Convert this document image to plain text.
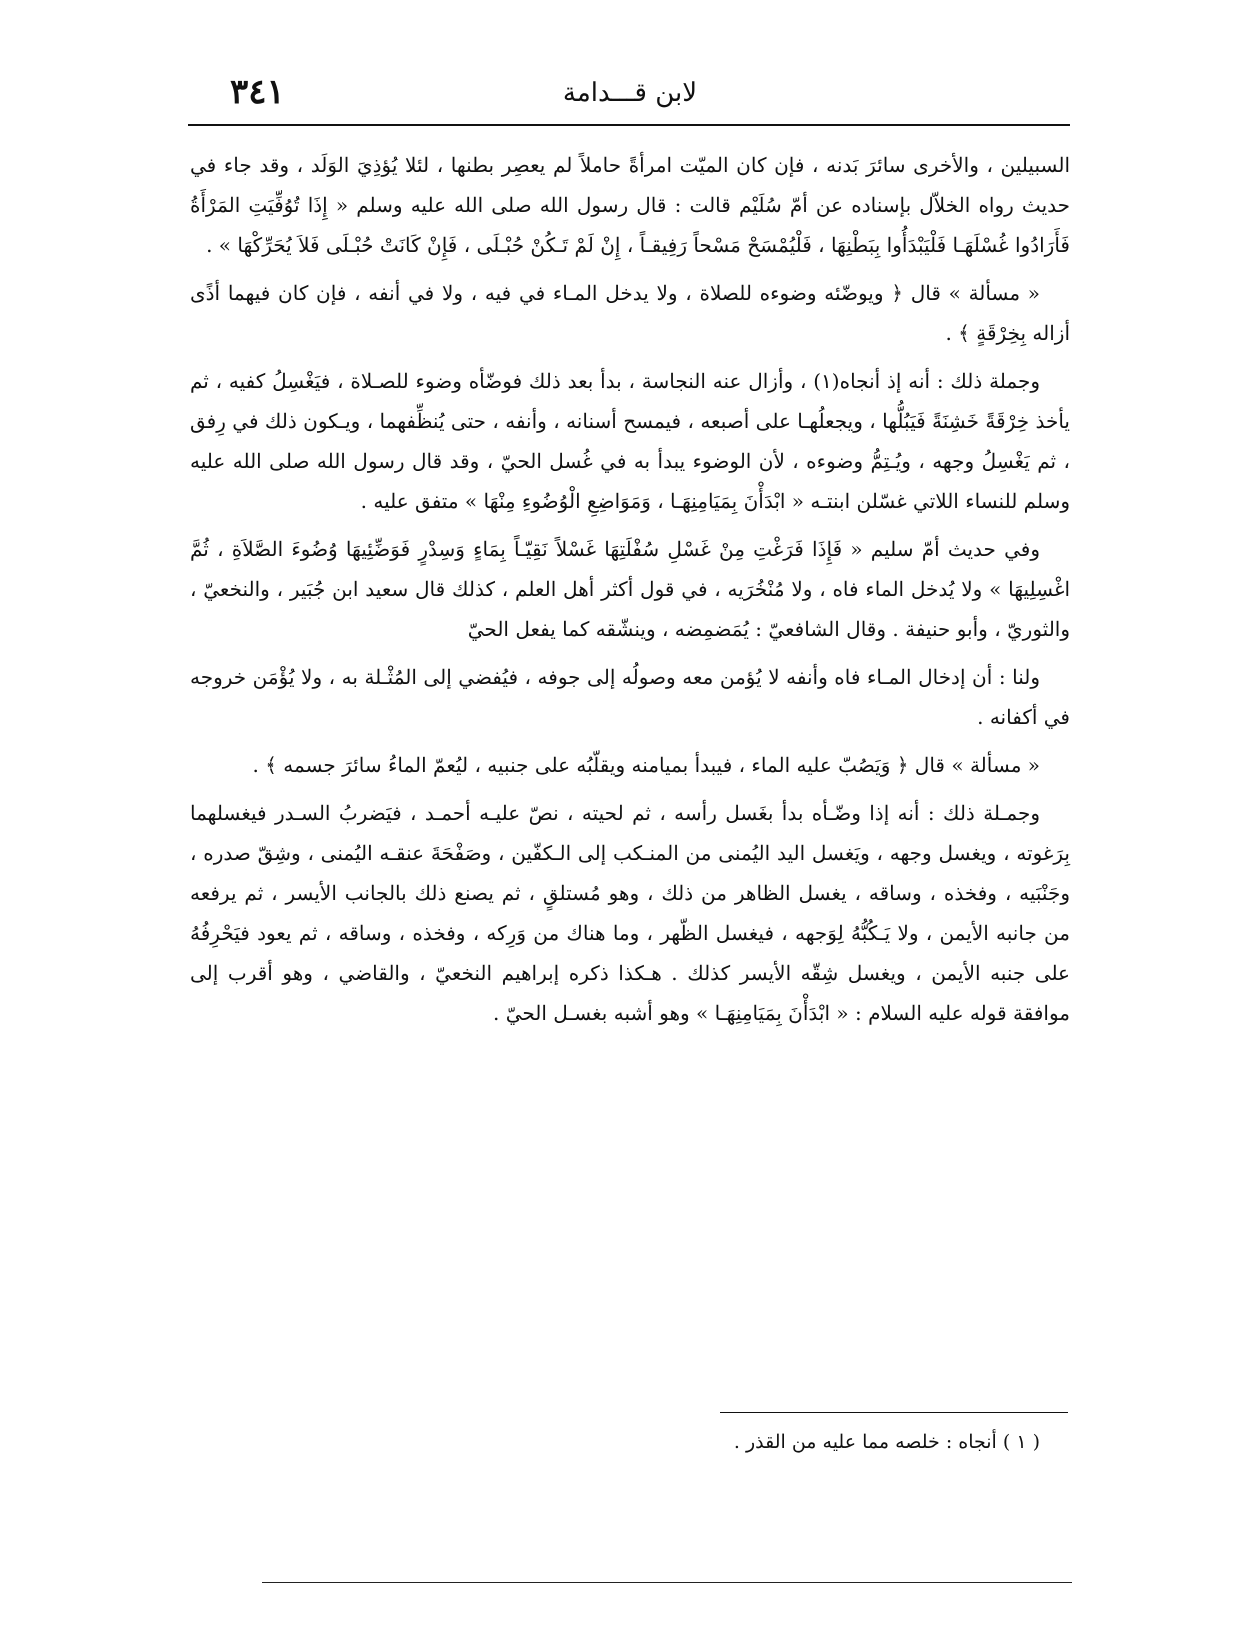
٣٤١	لابن قـــدامة

السبيلين ، والأخرى سائرَ بَدنه ، فإن كان الميّت امرأةً حاملاً لم يعصِر بطنها ، لئلا يُؤذِيَ الوَلَد ، وقد جاء في حديث رواه الخلاّل بإسناده عن أمّ سُلَيْم قالت : قال رسول الله صلى الله عليه وسلم « إِذَا تُوُفِّيَتِ المَرْأَةُ فَأَرَادُوا غُسْلَهَـا فَلْيَبْدَأُوا بِبَطْنِهَا ، فَلْيُمْسَحْ مَسْحاً رَفِيقـاً ، إِنْ لَمْ تَـكُنْ حُبْـلَى ، فَإِنْ كَانَتْ حُبْـلَى فَلاَ يُحَرِّكْهَا » .

« مسألة » قال ﴿ ويوضّئه وضوءه للصلاة ، ولا يدخل المـاء في فيه ، ولا في أنفه ، فإن كان فيهما أذًى أزاله بِخِرْقَةٍ ﴾ .

وجملة ذلك : أنه إذ أنجاه(١) ، وأزال عنه النجاسة ، بدأ بعد ذلك فوضّأه وضوء للصـلاة ، فيَغْسِلُ كفيه ، ثم يأخذ خِرْقَةً خَشِنَةً فَيَبُلُّها ، ويجعلُهـا على أصبعه ، فيمسح أسنانه ، وأنفه ، حتى يُنظِّفهما ، ويـكون ذلك في رِفق ، ثم يَغْسِلُ وجهه ، ويُـتِمُّ وضوءه ، لأن الوضوء يبدأ به في غُسل الحيّ ، وقد قال رسول الله صلى الله عليه وسلم للنساء اللاتي غسّلن ابنتـه « ابْدَأْنَ بِمَيَامِنِهَـا ، وَمَوَاضِعِ الْوُضُوءِ مِنْهَا » متفق عليه .

وفي حديث أمّ سليم « فَإِذَا فَرَغْتِ مِنْ غَسْلِ سُفْلَتِهَا غَسْلاً نَقِيّـاً بِمَاءٍ وَسِدْرٍ فَوَضِّئِيهَا وُضُوءَ الصَّلاَةِ ، ثُمَّ اغْسِلِيهَا » ولا يُدخل الماء فاه ، ولا مُنْخُرَيه ، في قول أكثر أهل العلم ، كذلك قال سعيد ابن جُبَير ، والنخعيّ ، والثوريّ ، وأبو حنيفة . وقال الشافعيّ : يُمَضمِضه ، وينشّقه كما يفعل الحيّ

ولنا : أن إدخال المـاء فاه وأنفه لا يُؤمن معه وصولُه إلى جوفه ، فيُفضي إلى المُثْـلة به ، ولا يُؤْمَن خروجه في أكفانه .

« مسألة » قال ﴿ وَيَصُبّ عليه الماء ، فيبدأ بميامنه ويقلّبُه على جنبيه ، ليُعمّ الماءُ سائرَ جسمه ﴾ .

وجمـلة ذلك : أنه إذا وضّـأه بدأ بغَسل رأسه ، ثم لحيته ، نصّ عليـه أحمـد ، فيَضربُ السـدر فيغسلهما بِرَغوته ، ويغسل وجهه ، ويَغسل اليد اليُمنى من المنـكب إلى الـكفّين ، وصَفْحَةَ عنقـه اليُمنى ، وشِقّ صدره ، وجَنْبَيه ، وفخذه ، وساقه ، يغسل الظاهر من ذلك ، وهو مُستلقٍ ، ثم يصنع ذلك بالجانب الأيسر ، ثم يرفعه من جانبه الأيمن ، ولا يَـكُبُّهُ لِوَجهه ، فيغسل الظّهر ، وما هناك من وَرِكه ، وفخذه ، وساقه ، ثم يعود فيَحْرِفُهُ على جنبه الأيمن ، ويغسل شِقّه الأيسر كذلك . هـكذا ذكره إبراهيم النخعيّ ، والقاضي ، وهو أقرب إلى موافقة قوله عليه السلام : « ابْدَأْنَ بِمَيَامِنِهَـا » وهو أشبه بغسـل الحيّ .

( ١ ) أنجاه : خلصه مما عليه من القذر .
